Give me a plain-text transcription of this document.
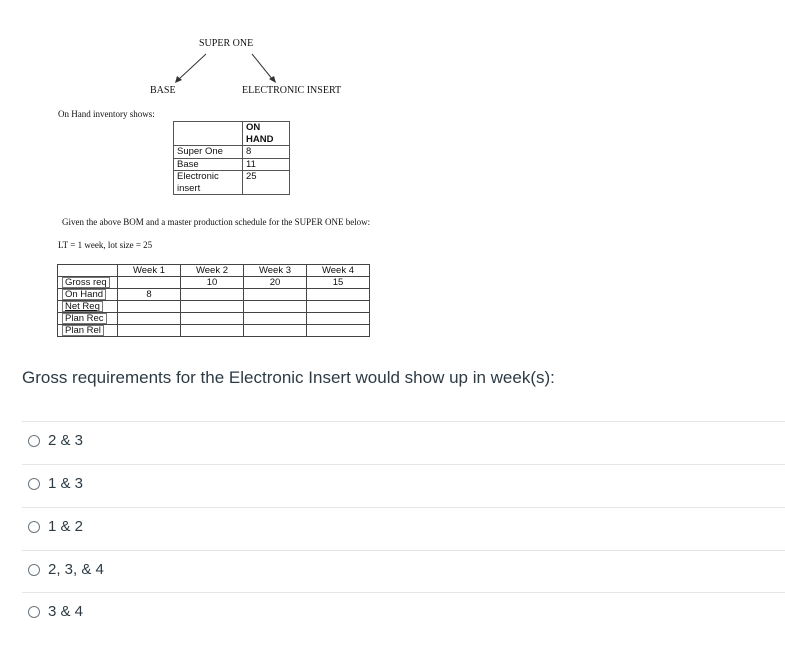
SUPER ONE
BASE	ELECTRONIC INSERT
On Hand inventory shows:
	ON HAND
Super One	8
Base	11
Electronic insert	25
Given the above BOM and a master production schedule for the SUPER ONE below:
LT = 1 week, lot size = 25
	Week 1	Week 2	Week 3	Week 4
Gross req		10	20	15
On Hand	8			
Net Req				
Plan Rec				
Plan Rel				
Gross requirements for the Electronic Insert would show up in week(s):
2 & 3
1 & 3
1 & 2
2, 3, & 4
3 & 4
